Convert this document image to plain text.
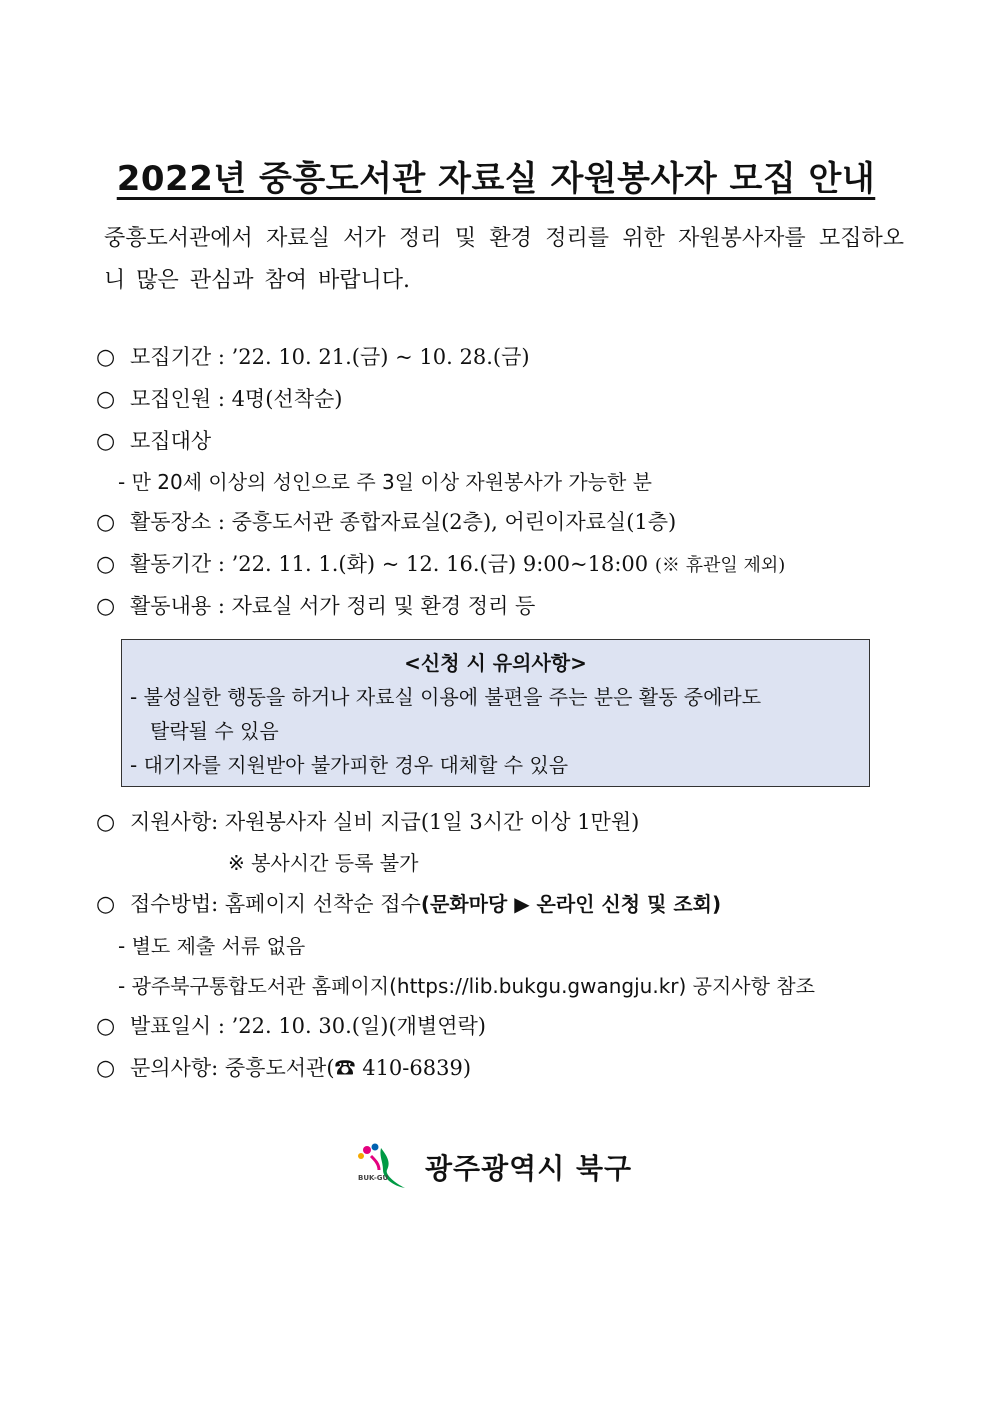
2022년 중흥도서관 자료실 자원봉사자 모집 안내
중흥도서관에서 자료실 서가 정리 및 환경 정리를 위한 자원봉사자를 모집하오니 많은 관심과 참여 바랍니다.
○ 모집기간 : ’22. 10. 21.(금) ~ 10. 28.(금)
○ 모집인원 : 4명(선착순)
○ 모집대상
- 만 20세 이상의 성인으로 주 3일 이상 자원봉사가 가능한 분
○ 활동장소 : 중흥도서관 종합자료실(2층), 어린이자료실(1층)
○ 활동기간 : ’22. 11. 1.(화) ~ 12. 16.(금) 9:00~18:00 (※ 휴관일 제외)
○ 활동내용 : 자료실 서가 정리 및 환경 정리 등
<신청 시 유의사항>
- 불성실한 행동을 하거나 자료실 이용에 불편을 주는 분은 활동 중에라도
탈락될 수 있음
- 대기자를 지원받아 불가피한 경우 대체할 수 있음
○ 지원사항: 자원봉사자 실비 지급(1일 3시간 이상 1만원)
※ 봉사시간 등록 불가
○ 접수방법: 홈페이지 선착순 접수(문화마당 ▶ 온라인 신청 및 조회)
- 별도 제출 서류 없음
- 광주북구통합도서관 홈페이지(https://lib.bukgu.gwangju.kr) 공지사항 참조
○ 발표일시 : ’22. 10. 30.(일)(개별연락)
○ 문의사항: 중흥도서관(☎ 410-6839)
BUK-GU 광주광역시 북구
